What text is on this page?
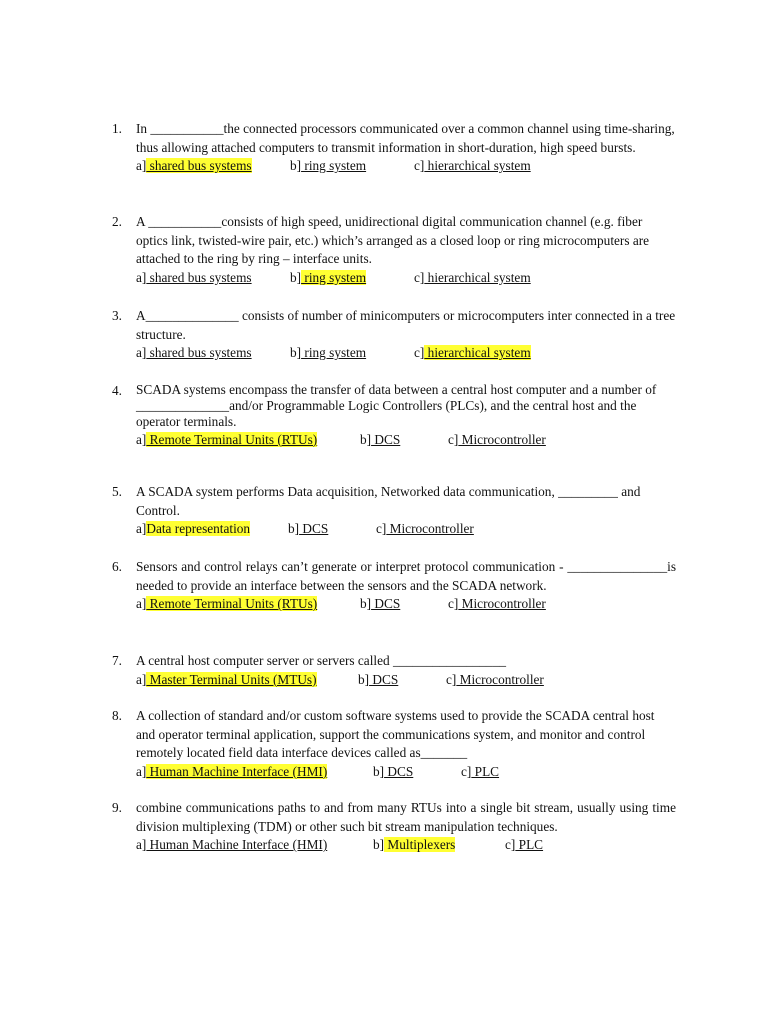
1.	In ___________the connected processors communicated over a common channel using time-sharing, thus allowing attached computers to transmit information in short-duration, high speed bursts.
a] shared bus systems	b] ring system	c] hierarchical system
2.	A ___________consists of high speed, unidirectional digital communication channel (e.g. fiber optics link, twisted-wire pair, etc.) which’s arranged as a closed loop or ring microcomputers are attached to the ring by ring – interface units.
a] shared bus systems	b] ring system	c] hierarchical system
3.	A______________ consists of number of minicomputers or microcomputers inter connected in a tree structure.
a] shared bus systems	b] ring system	c] hierarchical system
4.	SCADA systems encompass the transfer of data between a central host computer and a number of ______________and/or Programmable Logic Controllers (PLCs), and the central host and the operator terminals.
a] Remote Terminal Units (RTUs)	b] DCS	c] Microcontroller
5.	A SCADA system performs Data acquisition, Networked data communication, _________ and Control.
a]Data representation	b] DCS	c] Microcontroller
6.	Sensors and control relays can’t generate or interpret protocol communication - _______________is needed to provide an interface between the sensors and the SCADA network.
a] Remote Terminal Units (RTUs)	b] DCS	c] Microcontroller
7.	A central host computer server or servers called _________________
a] Master Terminal Units (MTUs)	b] DCS	c] Microcontroller
8.	A collection of standard and/or custom software systems used to provide the SCADA central host and operator terminal application, support the communications system, and monitor and control remotely located field data interface devices called as_______
a] Human Machine Interface (HMI)	b] DCS	c] PLC
9.	combine communications paths to and from many RTUs into a single bit stream, usually using time division multiplexing (TDM) or other such bit stream manipulation techniques.
a] Human Machine Interface (HMI)	b] Multiplexers	c] PLC
